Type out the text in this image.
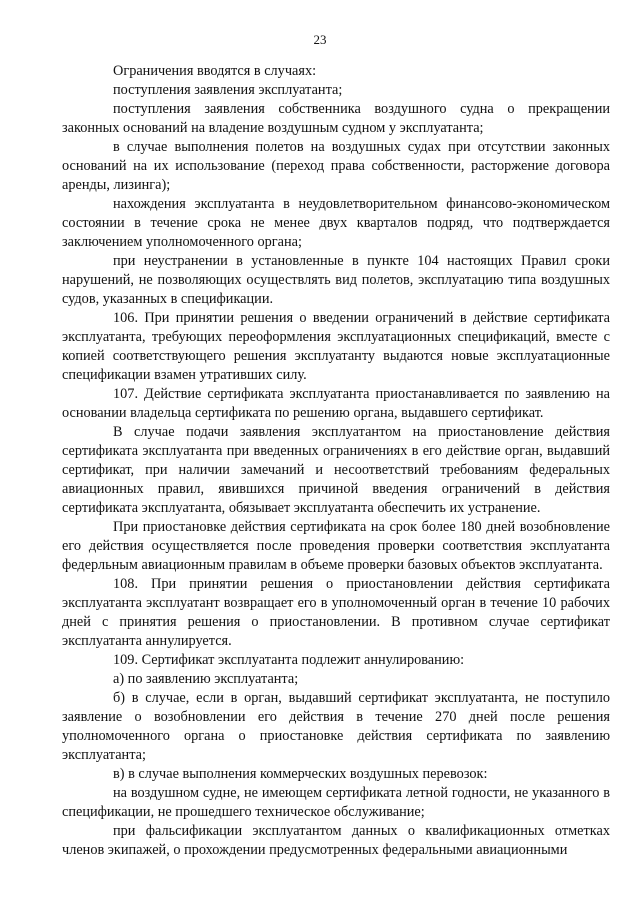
23

Ограничения вводятся в случаях:

поступления заявления эксплуатанта;

поступления заявления собственника воздушного судна о прекращении законных оснований на владение воздушным судном у эксплуатанта;

в случае выполнения полетов на воздушных судах при отсутствии законных оснований на их использование (переход права собственности, расторжение договора аренды, лизинга);

нахождения эксплуатанта в неудовлетворительном финансово-экономическом состоянии в течение срока не менее двух кварталов подряд, что подтверждается заключением уполномоченного органа;

при неустранении в установленные в пункте 104 настоящих Правил сроки нарушений, не позволяющих осуществлять вид полетов, эксплуатацию типа воздушных судов, указанных в спецификации.

106. При принятии решения о введении ограничений в действие сертификата эксплуатанта, требующих переоформления эксплуатационных спецификаций, вместе с копией соответствующего решения эксплуатанту выдаются новые эксплуатационные спецификации взамен утративших силу.

107. Действие сертификата эксплуатанта приостанавливается по заявлению на основании владельца сертификата по решению органа, выдавшего сертификат.

В случае подачи заявления эксплуатантом на приостановление действия сертификата эксплуатанта при введенных ограничениях в его действие орган, выдавший сертификат, при наличии замечаний и несоответствий требованиям федеральных авиационных правил, явившихся причиной введения ограничений в действия сертификата эксплуатанта, обязывает эксплуатанта обеспечить их устранение.

При приостановке действия сертификата на срок более 180 дней возобновление его действия осуществляется после проведения проверки соответствия эксплуатанта федерльным авиационным правилам в объеме проверки базовых объектов эксплуатанта.

108. При принятии решения о приостановлении действия сертификата эксплуатанта эксплуатант возвращает его в уполномоченный орган в течение 10 рабочих дней с принятия решения о приостановлении. В противном случае сертификат эксплуатанта аннулируется.

109. Сертификат эксплуатанта подлежит аннулированию:

а) по заявлению эксплуатанта;

б) в случае, если в орган, выдавший сертификат эксплуатанта, не поступило заявление о возобновлении его действия в течение 270 дней после решения уполномоченного органа о приостановке действия сертификата по заявлению эксплуатанта;

в) в случае выполнения коммерческих воздушных перевозок:

на воздушном судне, не имеющем сертификата летной годности, не указанного в спецификации, не прошедшего техническое обслуживание;

при фальсификации эксплуатантом данных о квалификационных отметках членов экипажей, о прохождении предусмотренных федеральными авиационными
